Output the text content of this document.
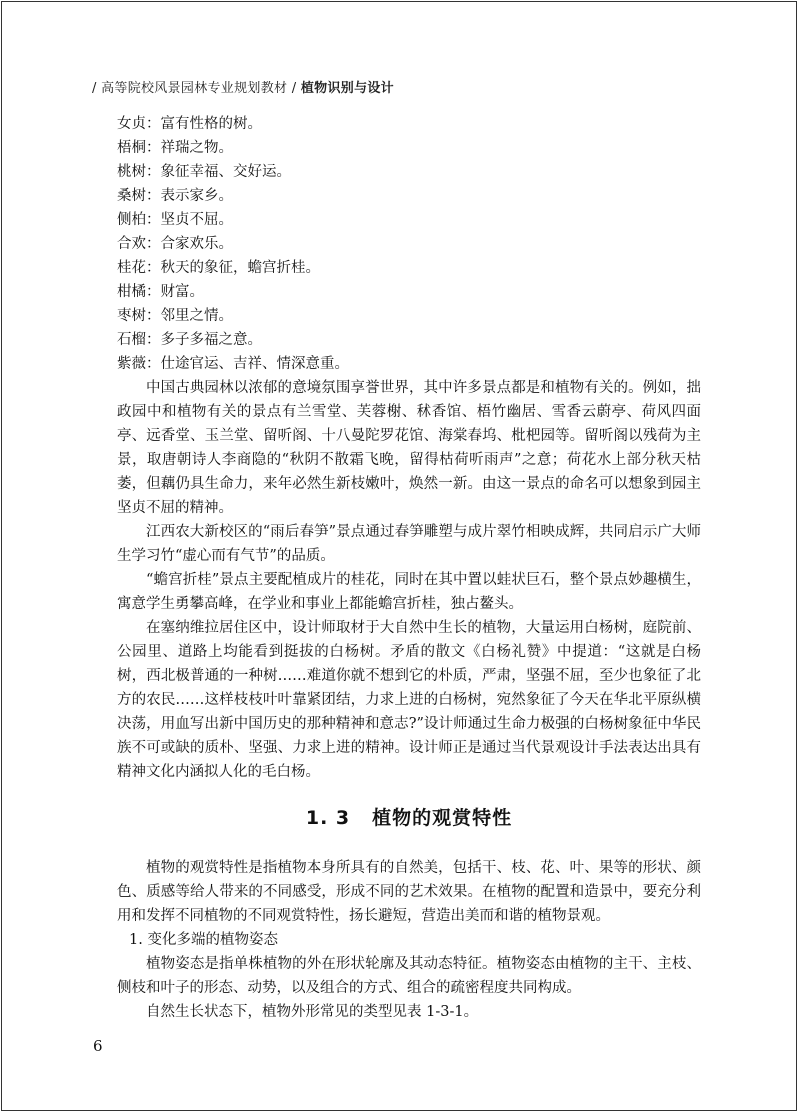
/ 高等院校风景园林专业规划教材 / 植物识别与设计

女贞：富有性格的树。

梧桐：祥瑞之物。

桃树：象征幸福、交好运。

桑树：表示家乡。

侧柏：坚贞不屈。

合欢：合家欢乐。

桂花：秋天的象征，蟾宫折桂。

柑橘：财富。

枣树：邻里之情。

石榴：多子多福之意。

紫薇：仕途官运、吉祥、情深意重。

中国古典园林以浓郁的意境氛围享誉世界，其中许多景点都是和植物有关的。例如，拙政园中和植物有关的景点有兰雪堂、芙蓉榭、秫香馆、梧竹幽居、雪香云蔚亭、荷风四面亭、远香堂、玉兰堂、留听阁、十八曼陀罗花馆、海棠春坞、枇杷园等。留听阁以残荷为主景，取唐朝诗人李商隐的“秋阴不散霜飞晚，留得枯荷听雨声”之意；荷花水上部分秋天枯萎，但藕仍具生命力，来年必然生新枝嫩叶，焕然一新。由这一景点的命名可以想象到园主坚贞不屈的精神。

江西农大新校区的“雨后春笋”景点通过春笋雕塑与成片翠竹相映成辉，共同启示广大师生学习竹“虚心而有气节”的品质。

“蟾宫折桂”景点主要配植成片的桂花，同时在其中置以蛙状巨石，整个景点妙趣横生，寓意学生勇攀高峰，在学业和事业上都能蟾宫折桂，独占鳌头。

在塞纳维拉居住区中，设计师取材于大自然中生长的植物，大量运用白杨树，庭院前、公园里、道路上均能看到挺拔的白杨树。矛盾的散文《白杨礼赞》中提道：“这就是白杨树，西北极普通的一种树……难道你就不想到它的朴质，严肃，坚强不屈，至少也象征了北方的农民……这样枝枝叶叶靠紧团结，力求上进的白杨树，宛然象征了今天在华北平原纵横决荡，用血写出新中国历史的那种精神和意志?”设计师通过生命力极强的白杨树象征中华民族不可或缺的质朴、坚强、力求上进的精神。设计师正是通过当代景观设计手法表达出具有精神文化内涵拟人化的毛白杨。

1. 3 植物的观赏特性

植物的观赏特性是指植物本身所具有的自然美，包括干、枝、花、叶、果等的形状、颜色、质感等给人带来的不同感受，形成不同的艺术效果。在植物的配置和造景中，要充分利用和发挥不同植物的不同观赏特性，扬长避短，营造出美而和谐的植物景观。

1. 变化多端的植物姿态

植物姿态是指单株植物的外在形状轮廓及其动态特征。植物姿态由植物的主干、主枝、侧枝和叶子的形态、动势，以及组合的方式、组合的疏密程度共同构成。

自然生长状态下，植物外形常见的类型见表 1-3-1。

6
